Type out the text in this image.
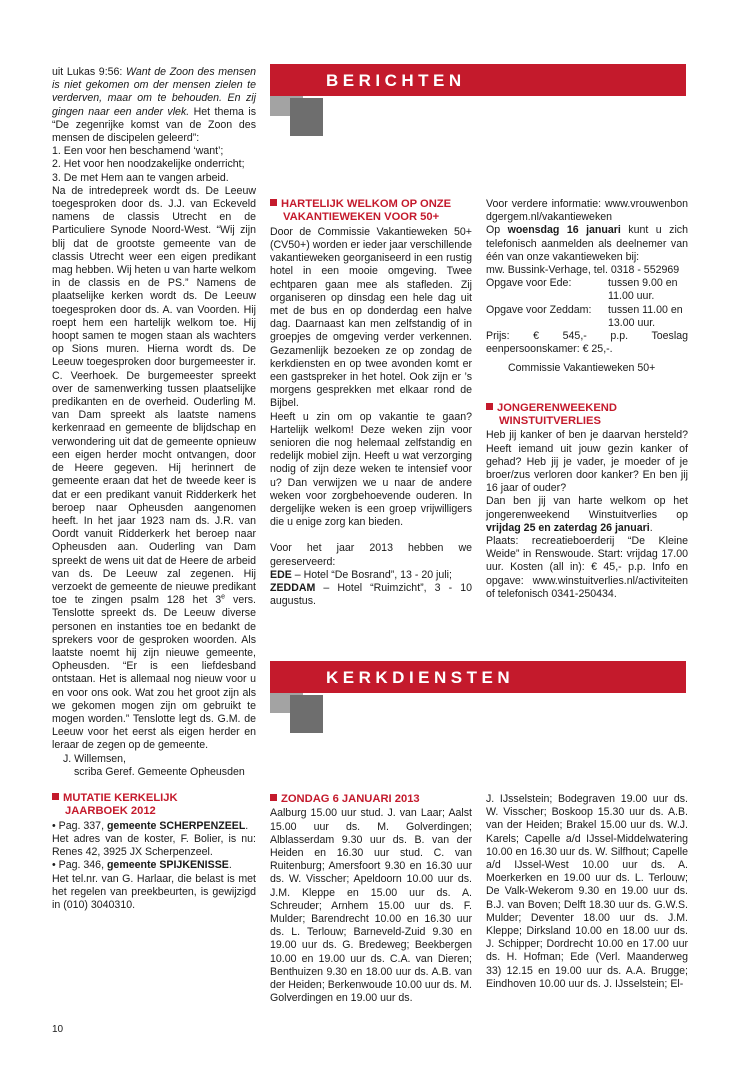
uit Lukas 9:56: Want de Zoon des mensen is niet gekomen om der mensen zielen te verderven, maar om te behouden. En zij gingen naar een ander vlek. Het thema is “De zegenrijke komst van de Zoon des mensen de discipelen geleerd”:

1. Een voor hen beschamend ‘want’;
2. Het voor hen noodzakelijke onderricht;
3. De met Hem aan te vangen arbeid.

Na de intredepreek wordt ds. De Leeuw toegesproken door ds. J.J. van Eckeveld namens de classis Utrecht en de Particuliere Synode Noord-West. “Wij zijn blij dat de grootste gemeente van de classis Utrecht weer een eigen predikant mag hebben. Wij heten u van harte welkom in de classis en de PS.” Namens de plaatselijke kerken wordt ds. De Leeuw toegesproken door ds. A. van Voorden. Hij roept hem een hartelijk welkom toe. Hij hoopt samen te mogen staan als wachters op Sions muren. Hierna wordt ds. De Leeuw toegesproken door burgemeester ir. C. Veerhoek. De burgemeester spreekt over de samenwerking tussen plaatselijke predikanten en de overheid. Ouderling M. van Dam spreekt als laatste namens kerkenraad en gemeente de blijdschap en verwondering uit dat de gemeente opnieuw een eigen herder mocht ontvangen, door de Heere gegeven. Hij herinnert de gemeente eraan dat het de tweede keer is dat er een predikant vanuit Ridderkerk het beroep naar Opheusden aangenomen heeft. In het jaar 1923 nam ds. J.R. van Oordt vanuit Ridderkerk het beroep naar Opheusden aan. Ouderling van Dam spreekt de wens uit dat de Heere de arbeid van ds. De Leeuw zal zegenen. Hij verzoekt de gemeente de nieuwe predikant toe te zingen psalm 128 het 3e vers. Tenslotte spreekt ds. De Leeuw diverse personen en instanties toe en bedankt de sprekers voor de gesproken woorden. Als laatste noemt hij zijn nieuwe gemeente, Opheusden. “Er is een liefdesband ontstaan. Het is allemaal nog nieuw voor u en voor ons ook. Wat zou het groot zijn als we gekomen mogen zijn om gebruikt te mogen worden.” Tenslotte legt ds. G.M. de Leeuw voor het eerst als eigen herder en leraar de zegen op de gemeente.

J. Willemsen,

scriba Geref. Gemeente Opheusden

MUTATIE KERKELIJK
JAARBOEK 2012

• Pag. 337, gemeente SCHERPENZEEL.

Het adres van de koster, F. Bolier, is nu: Renes 42, 3925 JX Scherpenzeel.

• Pag. 346, gemeente SPIJKENISSE.

Het tel.nr. van G. Harlaar, die belast is met het regelen van preekbeurten, is gewijzigd in (010) 3040310.

BERICHTEN
HARTELIJK WELKOM OP ONZE
VAKANTIEWEKEN VOOR 50+

Door de Commissie Vakantieweken 50+ (CV50+) worden er ieder jaar verschillende vakantieweken georganiseerd in een rustig hotel in een mooie omgeving. Twee echtparen gaan mee als stafleden. Zij organiseren op dinsdag een hele dag uit met de bus en op donderdag een halve dag. Daarnaast kan men zelfstandig of in groepjes de omgeving verder verkennen. Gezamenlijk bezoeken ze op zondag de kerkdiensten en op twee avonden komt er een gastspreker in het hotel. Ook zijn er ’s morgens gesprekken met elkaar rond de Bijbel.

Heeft u zin om op vakantie te gaan? Hartelijk welkom! Deze weken zijn voor senioren die nog helemaal zelfstandig en redelijk mobiel zijn. Heeft u wat verzorging nodig of zijn deze weken te intensief voor u? Dan verwijzen we u naar de andere weken voor zorgbehoevende ouderen. In dergelijke weken is een groep vrijwilligers die u enige zorg kan bieden.

Voor het jaar 2013 hebben we gereserveerd:

EDE – Hotel “De Bosrand”, 13 - 20 juli;

ZEDDAM – Hotel “Ruimzicht”, 3 - 10 augustus.

Voor verdere informatie: www.vrouwenbondgergem.nl/vakantieweken

Op woensdag 16 januari kunt u zich telefonisch aanmelden als deelnemer van één van onze vakantieweken bij:

mw. Bussink-Verhage, tel. 0318 - 552969

Opgave voor Ede:	tussen 9.00 en
11.00 uur.
Opgave voor Zeddam: tussen 11.00 en
13.00 uur.

Prijs: € 545,- p.p. Toeslag eenpersoonskamer: € 25,-.

Commissie Vakantieweken 50+

JONGERENWEEKEND
WINSTUITVERLIES

Heb jij kanker of ben je daarvan hersteld? Heeft iemand uit jouw gezin kanker of gehad? Heb jij je vader, je moeder of je broer/zus verloren door kanker? En ben jij 16 jaar of ouder?

Dan ben jij van harte welkom op het jongerenweekend Winstuitverlies op vrijdag 25 en zaterdag 26 januari.

Plaats: recreatieboerderij “De Kleine Weide” in Renswoude. Start: vrijdag 17.00 uur. Kosten (all in): € 45,- p.p. Info en opgave: www.winstuitverlies.nl/activiteiten of telefonisch 0341-250434.

KERKDIENSTEN
ZONDAG 6 JANUARI 2013

Aalburg 15.00 uur stud. J. van Laar; Aalst 15.00 uur ds. M. Golverdingen; Alblasserdam 9.30 uur ds. B. van der Heiden en 16.30 uur stud. C. van Ruitenburg; Amersfoort 9.30 en 16.30 uur ds. W. Visscher; Apeldoorn 10.00 uur ds. J.M. Kleppe en 15.00 uur ds. A. Schreuder; Arnhem 15.00 uur ds. F. Mulder; Barendrecht 10.00 en 16.30 uur ds. L. Terlouw; Barneveld-Zuid 9.30 en 19.00 uur ds. G. Bredeweg; Beekbergen 10.00 en 19.00 uur ds. C.A. van Dieren; Benthuizen 9.30 en 18.00 uur ds. A.B. van der Heiden; Berkenwoude 10.00 uur ds. M. Golverdingen en 19.00 uur ds.

J. IJsselstein; Bodegraven 19.00 uur ds. W. Visscher; Boskoop 15.30 uur ds. A.B. van der Heiden; Brakel 15.00 uur ds. W.J. Karels; Capelle a/d IJssel-Middelwatering 10.00 en 16.30 uur ds. W. Silfhout; Capelle a/d IJssel-West 10.00 uur ds. A. Moerkerken en 19.00 uur ds. L. Terlouw; De Valk-Wekerom 9.30 en 19.00 uur ds. B.J. van Boven; Delft 18.30 uur ds. G.W.S. Mulder; Deventer 18.00 uur ds. J.M. Kleppe; Dirksland 10.00 en 18.00 uur ds. J. Schipper; Dordrecht 10.00 en 17.00 uur ds. H. Hofman; Ede (Verl. Maanderweg 33) 12.15 en 19.00 uur ds. A.A. Brugge; Eindhoven 10.00 uur ds. J. IJsselstein; El-

10
